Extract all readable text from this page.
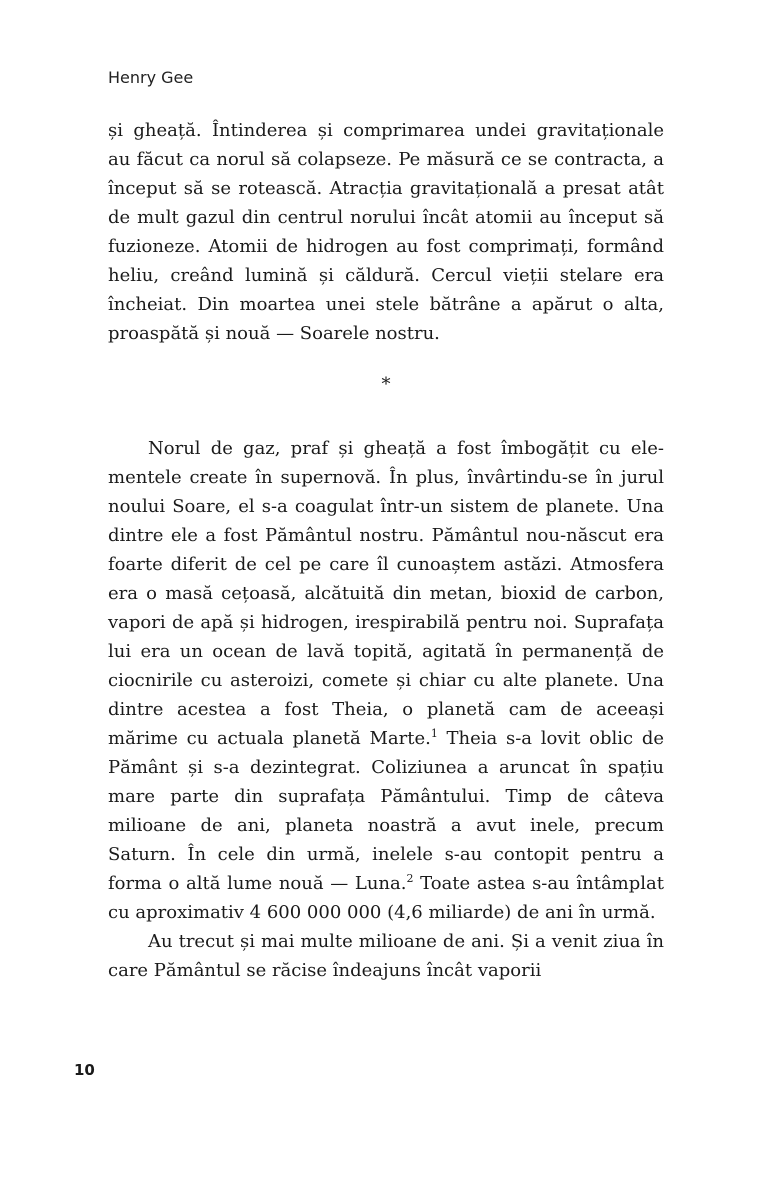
Henry Gee

și gheață. Întinderea și comprimarea undei gravitaționale au făcut ca norul să colapseze. Pe măsură ce se contracta, a început să se rotească. Atracția gravitațională a presat atât de mult gazul din centrul norului încât atomii au început să fuzioneze. Atomii de hidrogen au fost comprimați, formând heliu, creând lumină și căldură. Cercul vieții stelare era încheiat. Din moartea unei stele bătrâne a apărut o alta, proaspătă și nouă — Soarele nostru.

*

Norul de gaz, praf și gheață a fost îmbogățit cu elementele create în supernovă. În plus, învârtindu-se în jurul noului Soare, el s-a coagulat într-un sistem de planete. Una dintre ele a fost Pământul nostru. Pământul nou-născut era foarte diferit de cel pe care îl cunoaștem astăzi. Atmosfera era o masă cețoasă, alcătuită din metan, bioxid de carbon, vapori de apă și hidrogen, irespirabilă pentru noi. Suprafața lui era un ocean de lavă topită, agitată în permanență de ciocnirile cu asteroizi, comete și chiar cu alte planete. Una dintre acestea a fost Theia, o planetă cam de aceeași mărime cu actuala planetă Marte.$^1$ Theia s-a lovit oblic de Pământ și s-a dezintegrat. Coliziunea a aruncat în spațiu mare parte din suprafața Pământului. Timp de câteva milioane de ani, planeta noastră a avut inele, precum Saturn. În cele din urmă, inelele s-au contopit pentru a forma o altă lume nouă — Luna.$^2$ Toate astea s-au întâmplat cu aproximativ 4 600 000 000 (4,6 miliarde) de ani în urmă.

Au trecut și mai multe milioane de ani. Și a venit ziua în care Pământul se răcise îndeajuns încât vaporii

10
